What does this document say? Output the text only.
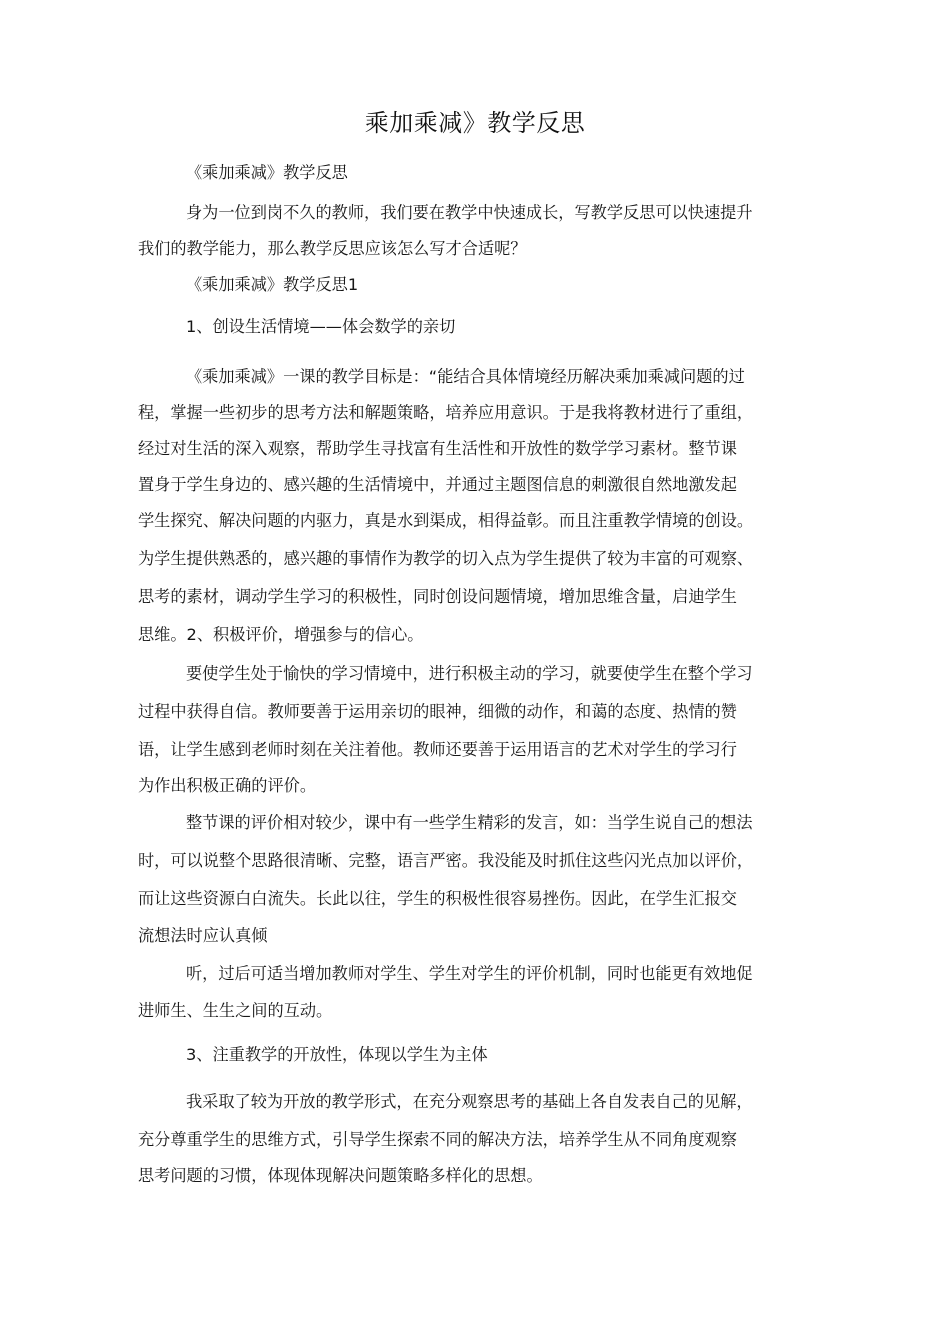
乘加乘减》教学反思
《乘加乘减》教学反思
身为一位到岗不久的教师，我们要在教学中快速成长，写教学反思可以快速提升
我们的教学能力，那么教学反思应该怎么写才合适呢？
《乘加乘减》教学反思1
1、创设生活情境——体会数学的亲切
《乘加乘减》一课的教学目标是：“能结合具体情境经历解决乘加乘减问题的过
程，掌握一些初步的思考方法和解题策略，培养应用意识。于是我将教材进行了重组，
经过对生活的深入观察，帮助学生寻找富有生活性和开放性的数学学习素材。整节课
置身于学生身边的、感兴趣的生活情境中，并通过主题图信息的刺激很自然地激发起
学生探究、解决问题的内驱力，真是水到渠成，相得益彰。而且注重教学情境的创设。
为学生提供熟悉的，感兴趣的事情作为教学的切入点为学生提供了较为丰富的可观察、
思考的素材，调动学生学习的积极性，同时创设问题情境，增加思维含量，启迪学生
思维。2、积极评价，增强参与的信心。
要使学生处于愉快的学习情境中，进行积极主动的学习，就要使学生在整个学习
过程中获得自信。教师要善于运用亲切的眼神，细微的动作，和蔼的态度、热情的赞
语，让学生感到老师时刻在关注着他。教师还要善于运用语言的艺术对学生的学习行
为作出积极正确的评价。
整节课的评价相对较少，课中有一些学生精彩的发言，如：当学生说自己的想法
时，可以说整个思路很清晰、完整，语言严密。我没能及时抓住这些闪光点加以评价，
而让这些资源白白流失。长此以往，学生的积极性很容易挫伤。因此，在学生汇报交
流想法时应认真倾
听，过后可适当增加教师对学生、学生对学生的评价机制，同时也能更有效地促
进师生、生生之间的互动。
3、注重教学的开放性，体现以学生为主体
我采取了较为开放的教学形式，在充分观察思考的基础上各自发表自己的见解，
充分尊重学生的思维方式，引导学生探索不同的解决方法，培养学生从不同角度观察
思考问题的习惯，体现体现解决问题策略多样化的思想。
